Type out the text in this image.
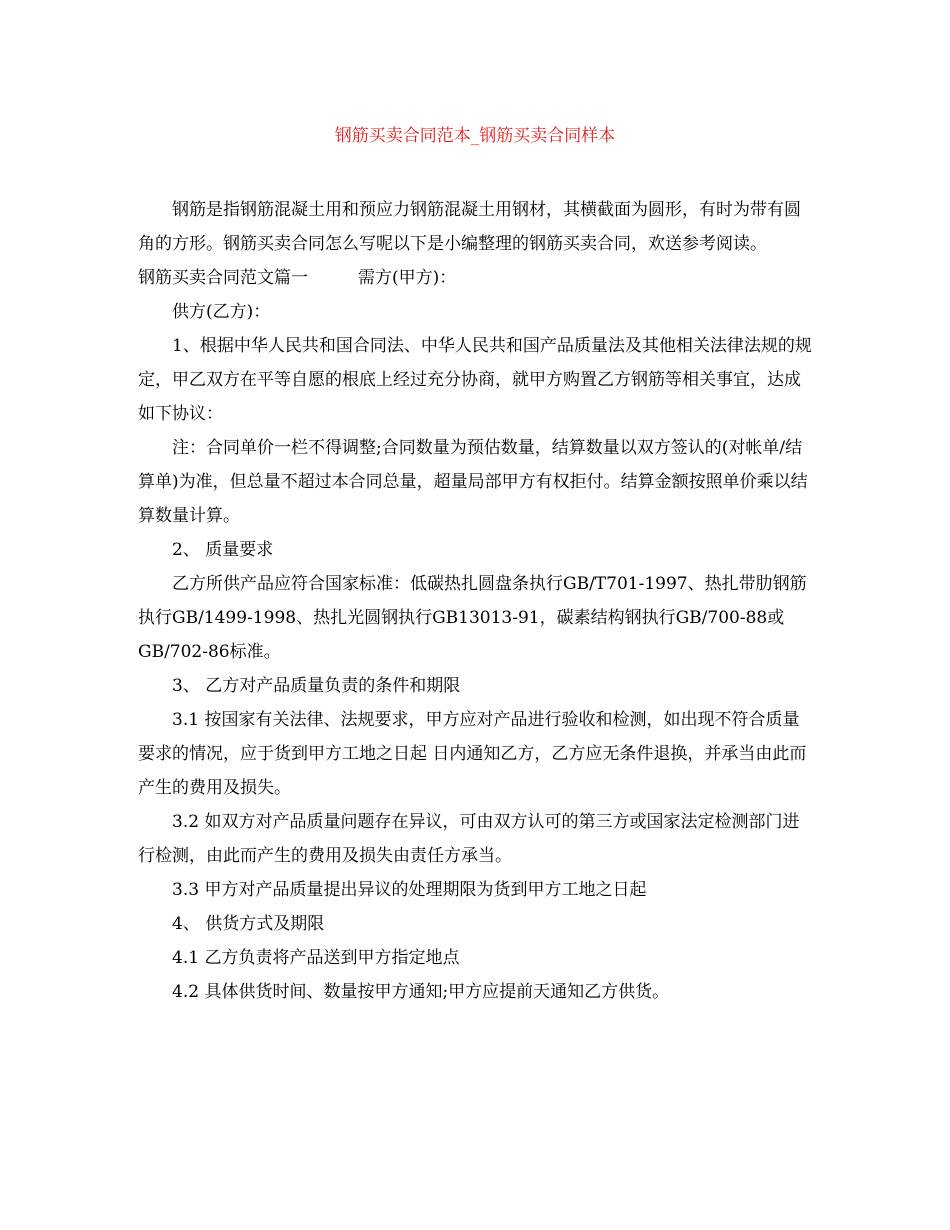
钢筋买卖合同范本_钢筋买卖合同样本

钢筋是指钢筋混凝土用和预应力钢筋混凝土用钢材，其横截面为圆形，有时为带有圆角的方形。钢筋买卖合同怎么写呢以下是小编整理的钢筋买卖合同，欢送参考阅读。

钢筋买卖合同范文篇一	需方(甲方)：

供方(乙方)：

1、根据中华人民共和国合同法、中华人民共和国产品质量法及其他相关法律法规的规定，甲乙双方在平等自愿的根底上经过充分协商，就甲方购置乙方钢筋等相关事宜，达成如下协议：

注：合同单价一栏不得调整;合同数量为预估数量，结算数量以双方签认的(对帐单/结算单)为准，但总量不超过本合同总量，超量局部甲方有权拒付。结算金额按照单价乘以结算数量计算。

2、 质量要求

乙方所供产品应符合国家标准：低碳热扎圆盘条执行GB/T701-1997、热扎带肋钢筋执行GB/1499-1998、热扎光圆钢执行GB13013-91，碳素结构钢执行GB/700-88或GB/702-86标准。

3、 乙方对产品质量负责的条件和期限

3.1 按国家有关法律、法规要求，甲方应对产品进行验收和检测，如出现不符合质量要求的情况，应于货到甲方工地之日起 日内通知乙方，乙方应无条件退换，并承当由此而产生的费用及损失。

3.2 如双方对产品质量问题存在异议，可由双方认可的第三方或国家法定检测部门进行检测，由此而产生的费用及损失由责任方承当。

3.3 甲方对产品质量提出异议的处理期限为货到甲方工地之日起

4、 供货方式及期限

4.1 乙方负责将产品送到甲方指定地点

4.2 具体供货时间、数量按甲方通知;甲方应提前天通知乙方供货。
